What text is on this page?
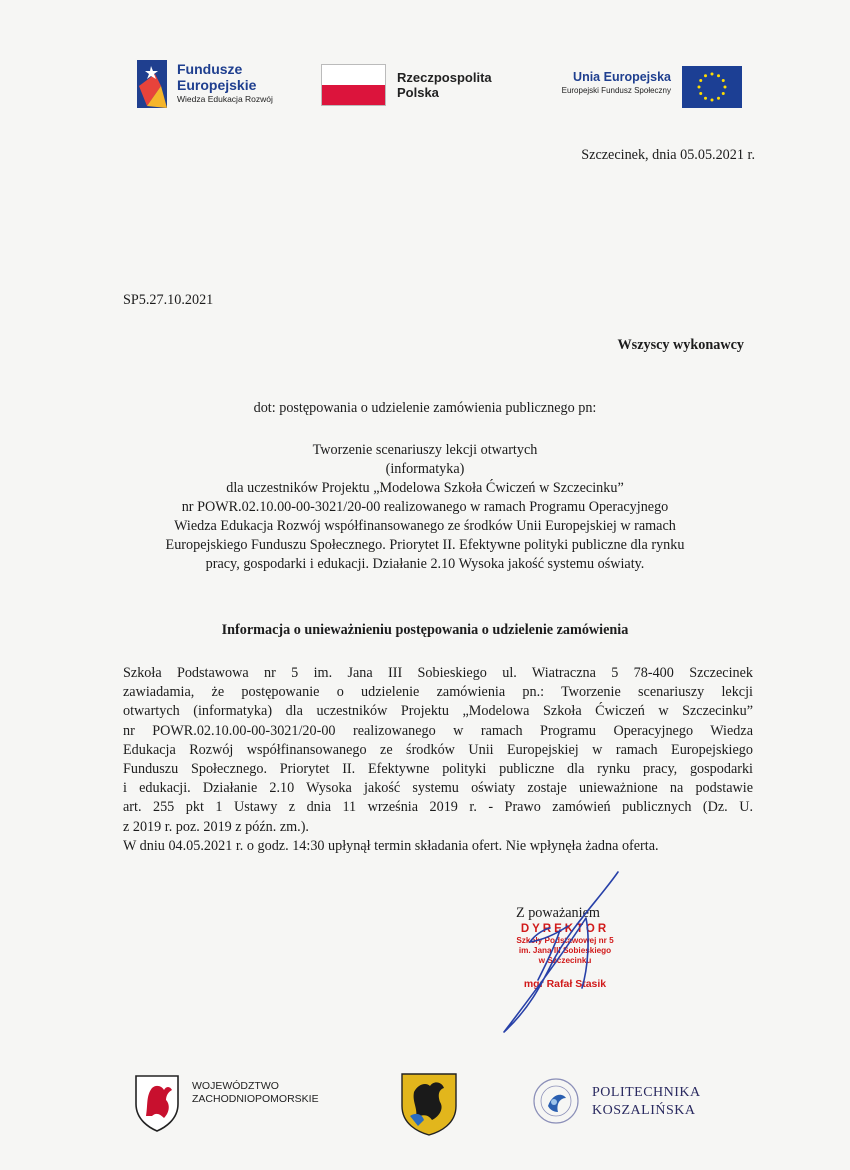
Fundusze
Europejskie
Wiedza Edukacja Rozwój
Rzeczpospolita
Polska
Unia Europejska
Europejski Fundusz Społeczny
Szczecinek, dnia 05.05.2021 r.
SP5.27.10.2021
Wszyscy wykonawcy
dot: postępowania o udzielenie zamówienia publicznego pn:
Tworzenie scenariuszy lekcji otwartych
(informatyka)
dla uczestników Projektu „Modelowa Szkoła Ćwiczeń w Szczecinku”
nr POWR.02.10.00-00-3021/20-00 realizowanego w ramach Programu Operacyjnego
Wiedza Edukacja Rozwój współfinansowanego ze środków Unii Europejskiej w ramach
Europejskiego Funduszu Społecznego. Priorytet II. Efektywne polityki publiczne dla rynku
pracy, gospodarki i edukacji. Działanie 2.10 Wysoka jakość systemu oświaty.
Informacja o unieważnieniu postępowania o udzielenie zamówienia
Szkoła Podstawowa nr 5 im. Jana III Sobieskiego ul. Wiatraczna 5 78-400 Szczecinek
zawiadamia, że postępowanie o udzielenie zamówienia pn.: Tworzenie scenariuszy lekcji
otwartych (informatyka) dla uczestników Projektu „Modelowa Szkoła Ćwiczeń w Szczecinku”
nr POWR.02.10.00-00-3021/20-00 realizowanego w ramach Programu Operacyjnego Wiedza
Edukacja Rozwój współfinansowanego ze środków Unii Europejskiej w ramach Europejskiego
Funduszu Społecznego. Priorytet II. Efektywne polityki publiczne dla rynku pracy, gospodarki
i edukacji. Działanie 2.10 Wysoka jakość systemu oświaty zostaje unieważnione na podstawie
art. 255 pkt 1 Ustawy z dnia 11 września 2019 r. - Prawo zamówień publicznych (Dz. U.
z 2019 r. poz. 2019 z późn. zm.).
W dniu 04.05.2021 r. o godz. 14:30 upłynął termin składania ofert. Nie wpłynęła żadna oferta.
Z poważaniem
DYREKTOR
Szkoły Podstawowej nr 5
im. Jana III Sobieskiego
w Szczecinku
mgr Rafał Stasik
WOJEWÓDZTWO
ZACHODNIOPOMORSKIE	POLITECHNIKA
KOSZALIŃSKA
